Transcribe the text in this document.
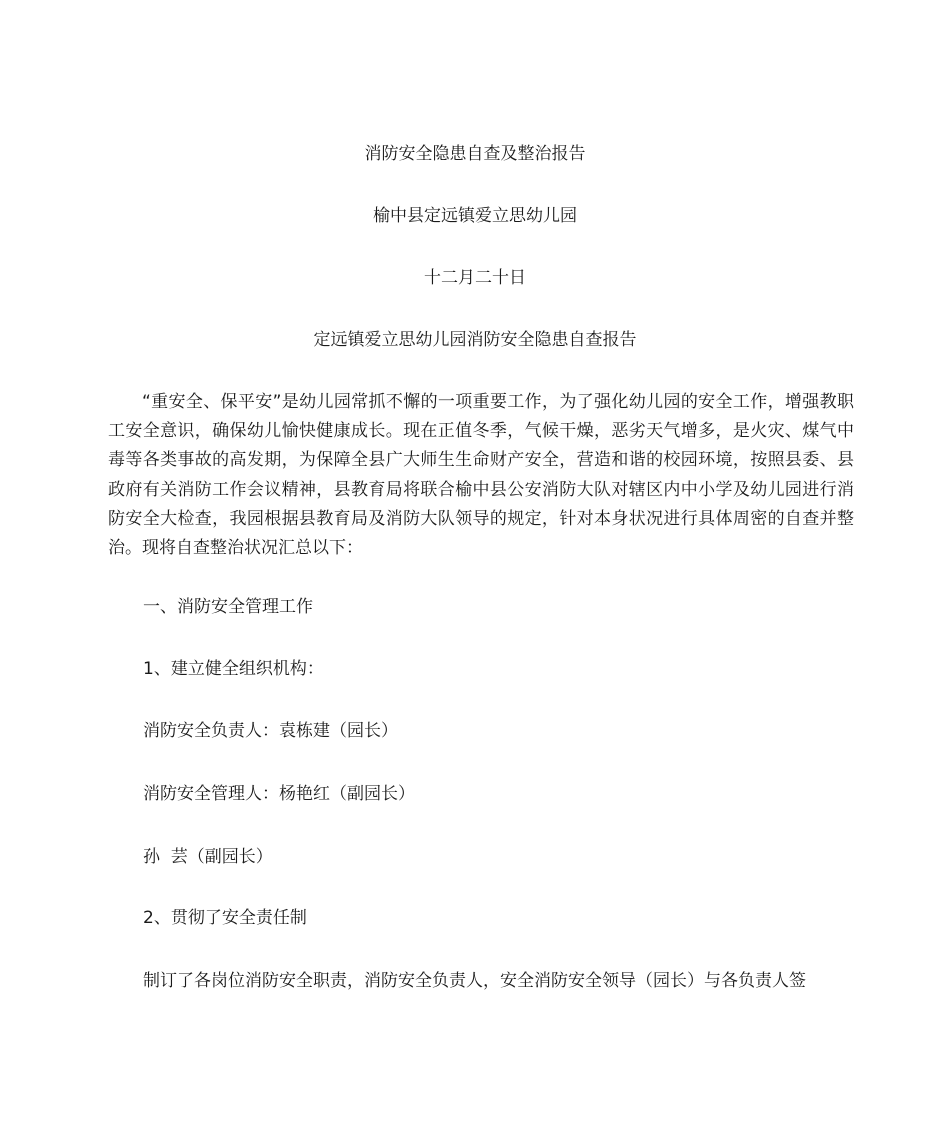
消防安全隐患自查及整治报告
榆中县定远镇爱立思幼儿园
十二月二十日
定远镇爱立思幼儿园消防安全隐患自查报告

“重安全、保平安”是幼儿园常抓不懈的一项重要工作，为了强化幼儿园的安全工作，增强教职工安全意识，确保幼儿愉快健康成长。现在正值冬季，气候干燥，恶劣天气增多，是火灾、煤气中毒等各类事故的高发期，为保障全县广大师生生命财产安全，营造和谐的校园环境，按照县委、县政府有关消防工作会议精神，县教育局将联合榆中县公安消防大队对辖区内中小学及幼儿园进行消防安全大检查，我园根据县教育局及消防大队领导的规定，针对本身状况进行具体周密的自查并整治。现将自查整治状况汇总以下：

一、消防安全管理工作
1、建立健全组织机构：
消防安全负责人：袁栋建（园长）
消防安全管理人：杨艳红（副园长）
孙  芸（副园长）
2、贯彻了安全责任制
制订了各岗位消防安全职责，消防安全负责人，安全消防安全领导（园长）与各负责人签
